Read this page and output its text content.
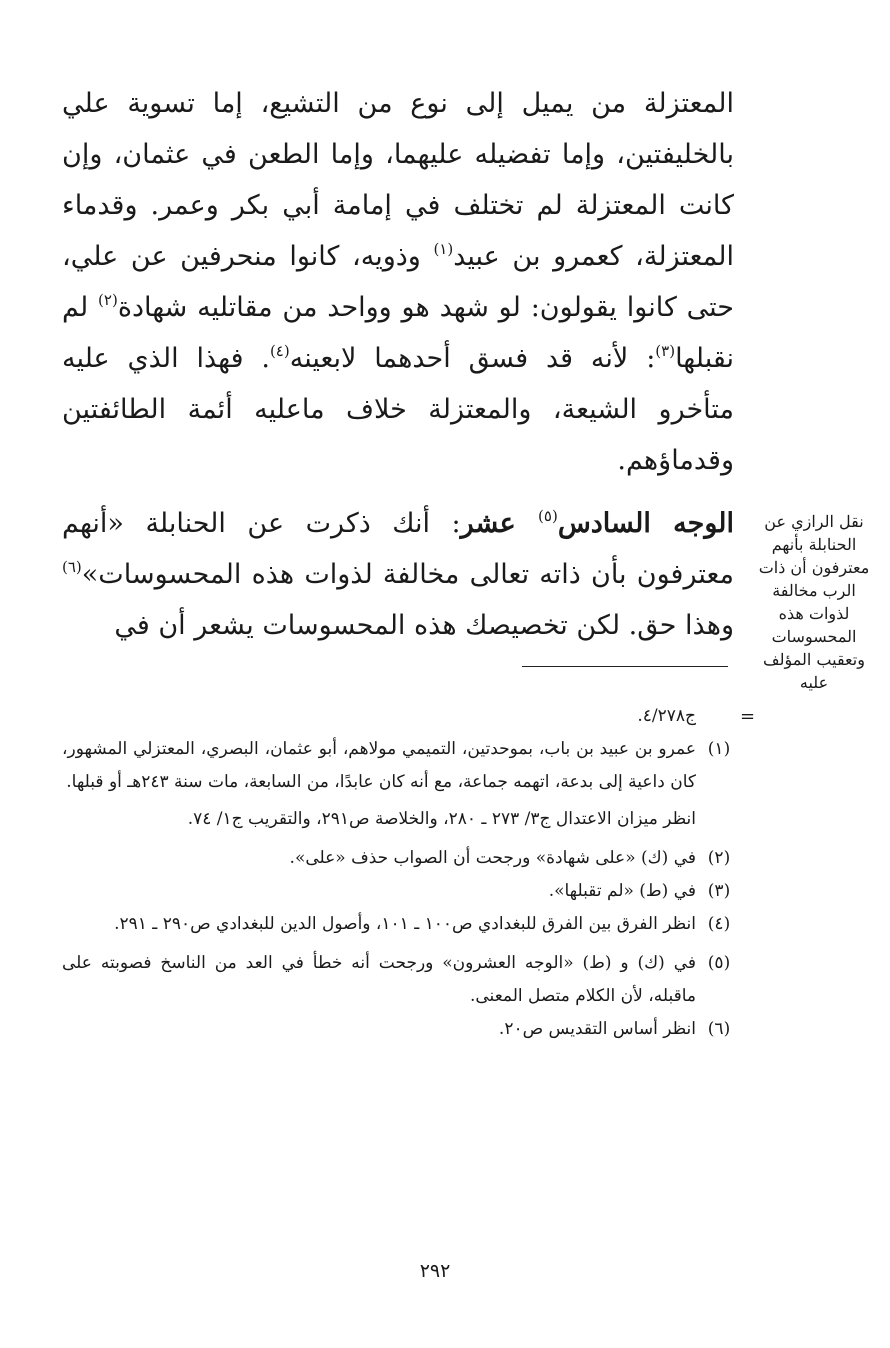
المعتزلة من يميل إلى نوع من التشيع، إما تسوية علي بالخليفتين، وإما تفضيله عليهما، وإما الطعن في عثمان، وإن كانت المعتزلة لم تختلف في إمامة أبي بكر وعمر. وقدماء المعتزلة، كعمرو بن عبيد$^{(١)}$ وذويه، كانوا منحرفين عن علي، حتى كانوا يقولون: لو شهد هو وواحد من مقاتليه شهادة$^{(٢)}$ لم نقبلها$^{(٣)}$: لأنه قد فسق أحدهما لابعينه$^{(٤)}$. فهذا الذي عليه متأخرو الشيعة، والمعتزلة خلاف ماعليه أئمة الطائفتين وقدماؤهم.

الوجه السادس$^{(٥)}$ عشر: أنك ذكرت عن الحنابلة «أنهم معترفون بأن ذاته تعالى مخالفة لذوات هذه المحسوسات»$^{(٦)}$ وهذا حق. لكن تخصيصك هذه المحسوسات يشعر أن في

نقل الرازي عن الحنابلة بأنهم معترفون أن ذات الرب مخالفة لذوات هذه المحسوسات وتعقيب المؤلف عليه
=
ج٤/٢٧٨.
(١)
عمرو بن عبيد بن باب، بموحدتين، التميمي مولاهم، أبو عثمان، البصري، المعتزلي المشهور، كان داعية إلى بدعة، اتهمه جماعة، مع أنه كان عابدًا، من السابعة، مات سنة ٢٤٣هـ أو قبلها.
انظر ميزان الاعتدال ج٣/ ٢٧٣ ـ ٢٨٠، والخلاصة ص٢٩١، والتقريب ج١/ ٧٤.
(٢)
في (ك) «على شهادة» ورجحت أن الصواب حذف «على».
(٣)
في (ط) «لم تقبلها».
(٤)
انظر الفرق بين الفرق للبغدادي ص١٠٠ ـ ١٠١، وأصول الدين للبغدادي ص٢٩٠ ـ ٢٩١.
(٥)
في (ك) و (ط) «الوجه العشرون» ورجحت أنه خطأ في العد من الناسخ فصوبته على ماقبله، لأن الكلام متصل المعنى.
(٦)
انظر أساس التقديس ص٢٠.
٢٩٢
